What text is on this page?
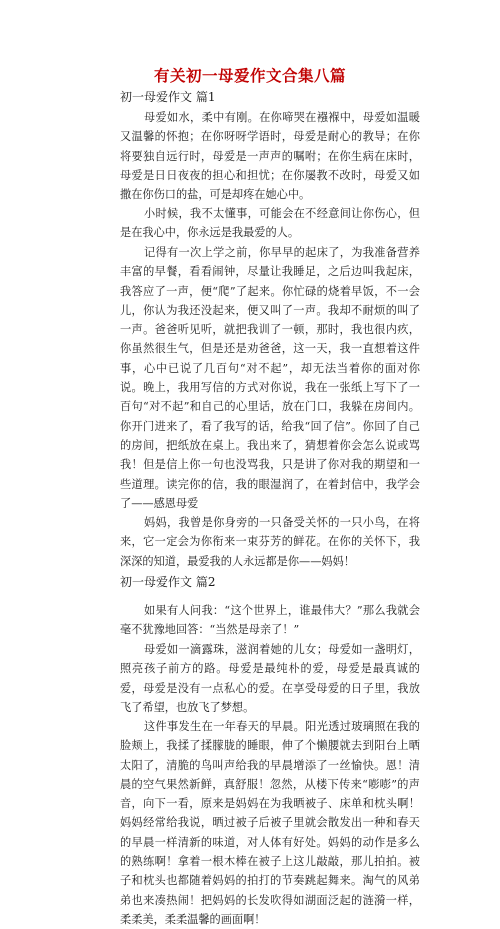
有关初一母爱作文合集八篇
初一母爱作文 篇1

母爱如水，柔中有刚。在你啼哭在襁褓中，母爱如温暖又温馨的怀抱；在你呀呀学语时，母爱是耐心的教导；在你将要独自远行时，母爱是一声声的嘱咐；在你生病在床时，母爱是日日夜夜的担心和担忧；在你屡教不改时，母爱又如撒在你伤口的盐，可是却疼在她心中。

小时候，我不太懂事，可能会在不经意间让你伤心，但是在我心中，你永远是我最爱的人。

记得有一次上学之前，你早早的起床了，为我准备营养丰富的早餐，看看闹钟，尽量让我睡足，之后边叫我起床，我答应了一声，便“爬”了起来。你忙碌的烧着早饭，不一会儿，你认为我还没起来，便又叫了一声。我却不耐烦的叫了一声。爸爸听见听，就把我训了一顿，那时，我也很内疚，你虽然很生气，但是还是劝爸爸，这一天，我一直想着这件事，心中已说了几百句“对不起”，却无法当着你的面对你说。晚上，我用写信的方式对你说，我在一张纸上写下了一百句“对不起”和自己的心里话，放在门口，我躲在房间内。你开门进来了，看了我写的话，给我“回了信”。你回了自己的房间，把纸放在桌上。我出来了，猜想着你会怎么说或骂我！但是信上你一句也没骂我，只是讲了你对我的期望和一些道理。读完你的信，我的眼湿润了，在着封信中，我学会了——感恩母爱

妈妈，我曾是你身旁的一只备受关怀的一只小鸟，在将来，它一定会为你衔来一束芬芳的鲜花。在你的关怀下，我深深的知道，最爱我的人永远都是你——妈妈！

初一母爱作文 篇2

如果有人问我：“这个世界上，谁最伟大？”那么我就会毫不犹豫地回答：“当然是母亲了！”

母爱如一滴露珠，滋润着她的儿女；母爱如一盏明灯，照亮孩子前方的路。母爱是最纯朴的爱，母爱是最真诚的爱，母爱是没有一点私心的爱。在享受母爱的日子里，我放飞了希望，也放飞了梦想。

这件事发生在一年春天的早晨。阳光透过玻璃照在我的脸颊上，我揉了揉朦胧的睡眼，伸了个懒腰就去到阳台上晒太阳了，清脆的鸟叫声给我的早晨增添了一丝愉快。恩！清晨的空气果然新鲜，真舒服！忽然，从楼下传来“嘭嘭”的声音，向下一看，原来是妈妈在为我晒被子、床单和枕头啊！妈妈经常给我说，晒过被子后被子里就会散发出一种和春天的早晨一样清新的味道，对人体有好处。妈妈的动作是多么的熟练啊！拿着一根木棒在被子上这儿敲敲，那儿拍拍。被子和枕头也都随着妈妈的拍打的节奏跳起舞来。淘气的风弟弟也来凑热闹！把妈妈的长发吹得如湖面泛起的涟漪一样，柔柔美，柔柔温馨的画面啊！
